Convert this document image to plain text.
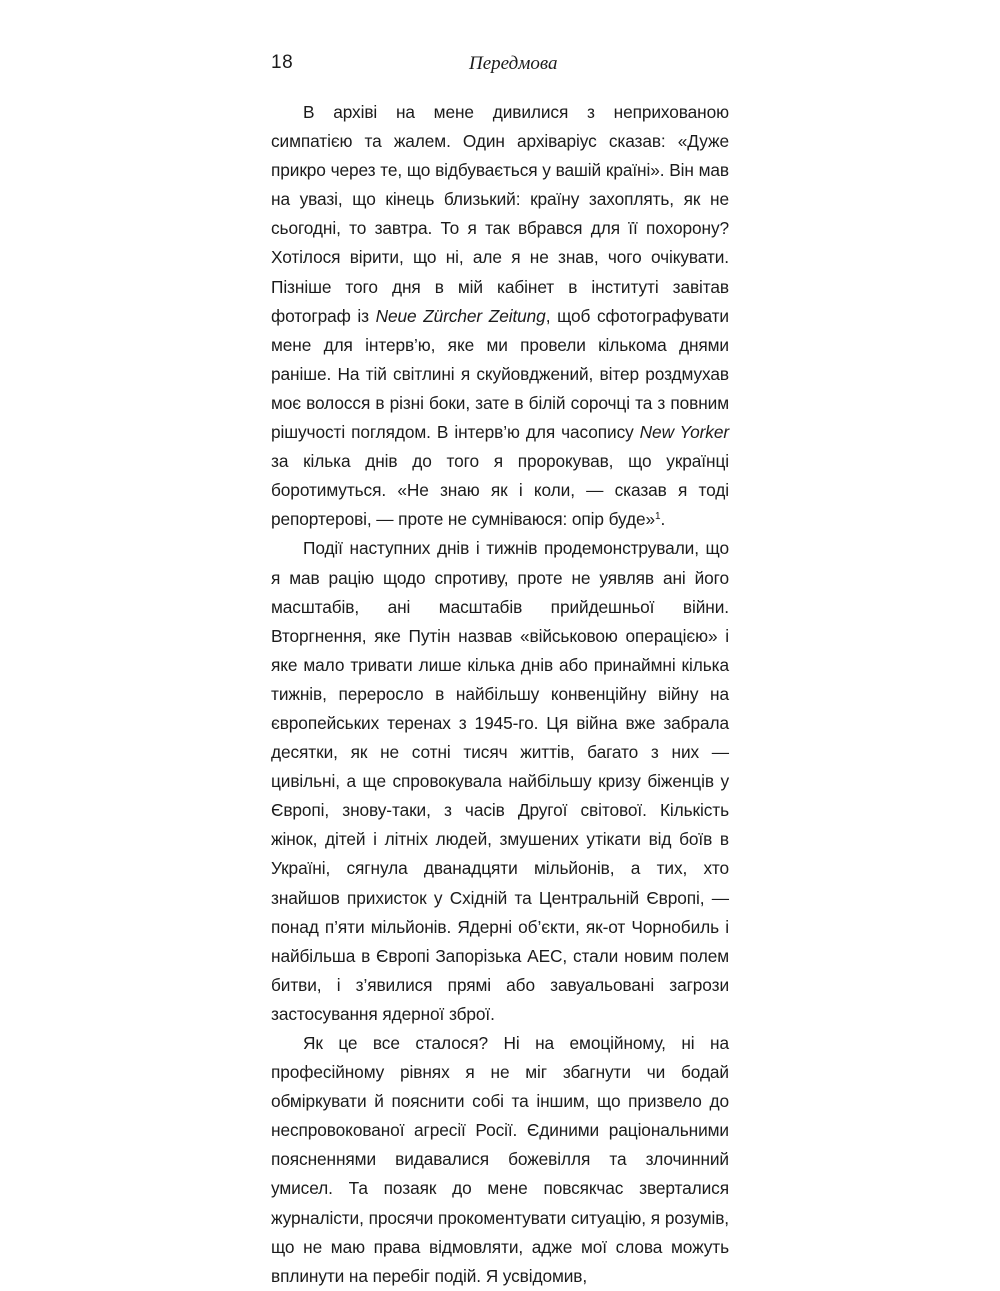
18	Передмова

В архіві на мене дивилися з неприхованою симпатією та жалем. Один архіваріус сказав: «Дуже прикро через те, що відбувається у вашій країні». Він мав на увазі, що кінець близький: країну захоплять, як не сьогодні, то завтра. То я так вбрався для її похорону? Хотілося вірити, що ні, але я не знав, чого очікувати. Пізніше того дня в мій кабінет в інституті завітав фотограф із Neue Zürcher Zeitung, щоб сфотографувати мене для інтерв’ю, яке ми провели кількома днями раніше. На тій світлині я скуйовджений, вітер роздмухав моє волосся в різні боки, зате в білій сорочці та з повним рішучості поглядом. В інтерв’ю для часопису New Yorker за кілька днів до того я пророкував, що українці боротимуться. «Не знаю як і коли, — сказав я тоді репортерові, — проте не сумніваюся: опір буде»$^1$.

Події наступних днів і тижнів продемонстрували, що я мав рацію щодо спротиву, проте не уявляв ані його масштабів, ані масштабів прийдешньої війни. Вторгнення, яке Путін назвав «військовою операцією» і яке мало тривати лише кілька днів або принаймні кілька тижнів, переросло в найбільшу конвенційну війну на європейських теренах з 1945-го. Ця війна вже забрала десятки, як не сотні тисяч життів, багато з них — цивільні, а ще спровокувала найбільшу кризу біженців у Європі, знову-таки, з часів Другої світової. Кількість жінок, дітей і літніх людей, змушених утікати від боїв в Україні, сягнула дванадцяти мільйонів, а тих, хто знайшов прихисток у Східній та Центральній Європі, — понад п’яти мільйонів. Ядерні об’єкти, як-от Чорнобиль і найбільша в Європі Запорізька АЕС, стали новим полем битви, і з’явилися прямі або завуальовані загрози застосування ядерної зброї.

Як це все сталося? Ні на емоційному, ні на професійному рівнях я не міг збагнути чи бодай обміркувати й пояснити собі та іншим, що призвело до неспровокованої агресії Росії. Єдиними раціональними поясненнями видавалися божевілля та злочинний умисел. Та позаяк до мене повсякчас зверталися журналісти, просячи прокоментувати ситуацію, я розумів, що не маю права відмовляти, адже мої слова можуть вплинути на перебіг подій. Я усвідомив,
